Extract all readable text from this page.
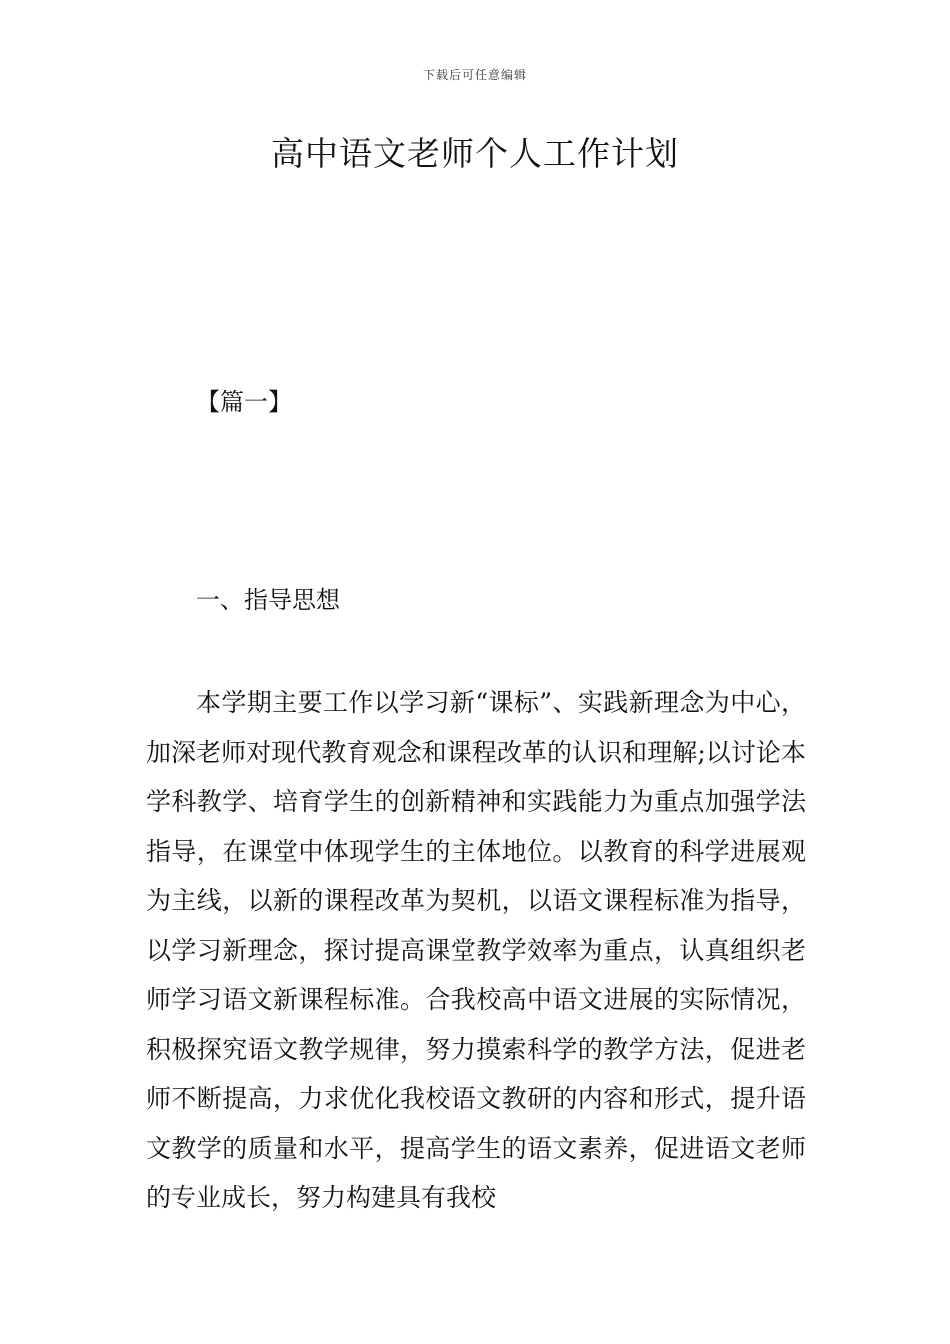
下载后可任意编辑
高中语文老师个人工作计划
【篇一】
一、指导思想

本学期主要工作以学习新“课标”、实践新理念为中心，加深老师对现代教育观念和课程改革的认识和理解;以讨论本学科教学、培育学生的创新精神和实践能力为重点加强学法指导，在课堂中体现学生的主体地位。以教育的科学进展观为主线，以新的课程改革为契机，以语文课程标准为指导，以学习新理念，探讨提高课堂教学效率为重点，认真组织老师学习语文新课程标准。合我校高中语文进展的实际情况，积极探究语文教学规律，努力摸索科学的教学方法，促进老师不断提高，力求优化我校语文教研的内容和形式，提升语文教学的质量和水平，提高学生的语文素养，促进语文老师的专业成长，努力构建具有我校
